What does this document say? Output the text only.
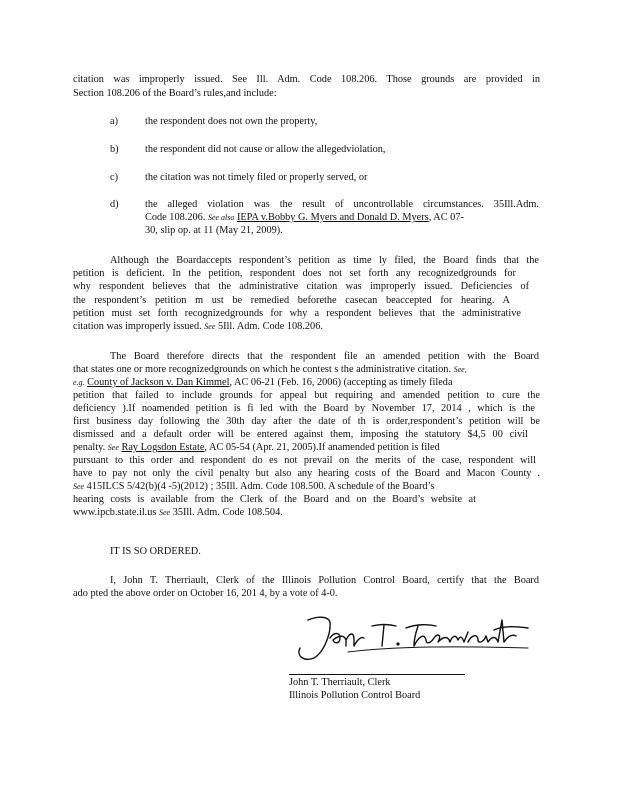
citation was improperly issued. See Ill. Adm. Code 108.206. Those grounds are provided in
Section 108.206 of the Board’s rules,and include:
a)	the respondent does not own the property,
b)	the respondent did not cause or allow the allegedviolation,
c)	the citation was not timely filed or properly served, or
d)	the alleged violation was the result of uncontrollable circumstances. 35Ill.Adm.
Code 108.206. See also IEPA v.Bobby G. Myers and Donald D. Myers, AC 07-
30, slip op. at 11 (May 21, 2009).
Although the Boardaccepts respondent’s petition as time ly filed, the Board finds that the
petition is deficient. In the petition, respondent does not set forth any recognizedgrounds for
why respondent believes that the administrative citation was improperly issued. Deficiencies of
the respondent’s petition m ust be remedied beforethe casecan beaccepted for hearing. A
petition must set forth recognizedgrounds for why a respondent believes that the administrative
citation was improperly issued. See 5Ill. Adm. Code 108.206.
The Board therefore directs that the respondent file an amended petition with the Board
that states one or more recognizedgrounds on which he contest s the administrative citation. See,
e.g. County of Jackson v. Dan Kimmel, AC 06-21 (Feb. 16, 2006) (accepting as timely fileda
petition that failed to include grounds for appeal but requiring and amended petition to cure the
deficiency ).If noamended petition is fi led with the Board by November 17, 2014 , which is the
first business day following the 30th day after the date of th is order,respondent’s petition will be
dismissed and a default order will be entered against them, imposing the statutory $4,5 00 civil
penalty. See Ray Logsdon Estate, AC 05-54 (Apr. 21, 2005).If anamended petition is filed
pursuant to this order and respondent do es not prevail on the merits of the case, respondent will
have to pay not only the civil penalty but also any hearing costs of the Board and Macon County .
See 415ILCS 5/42(b)(4 -5)(2012) ; 35Ill. Adm. Code 108.500. A schedule of the Board’s
hearing costs is available from the Clerk of the Board and on the Board’s website at
www.ipcb.state.il.us See 35Ill. Adm. Code 108.504.
IT IS SO ORDERED.
I, John T. Therriault, Clerk of the Illinois Pollution Control Board, certify that the Board
ado pted the above order on October 16, 201 4, by a vote of 4-0.
John T. Therriault, Clerk
Illinois Pollution Control Board
